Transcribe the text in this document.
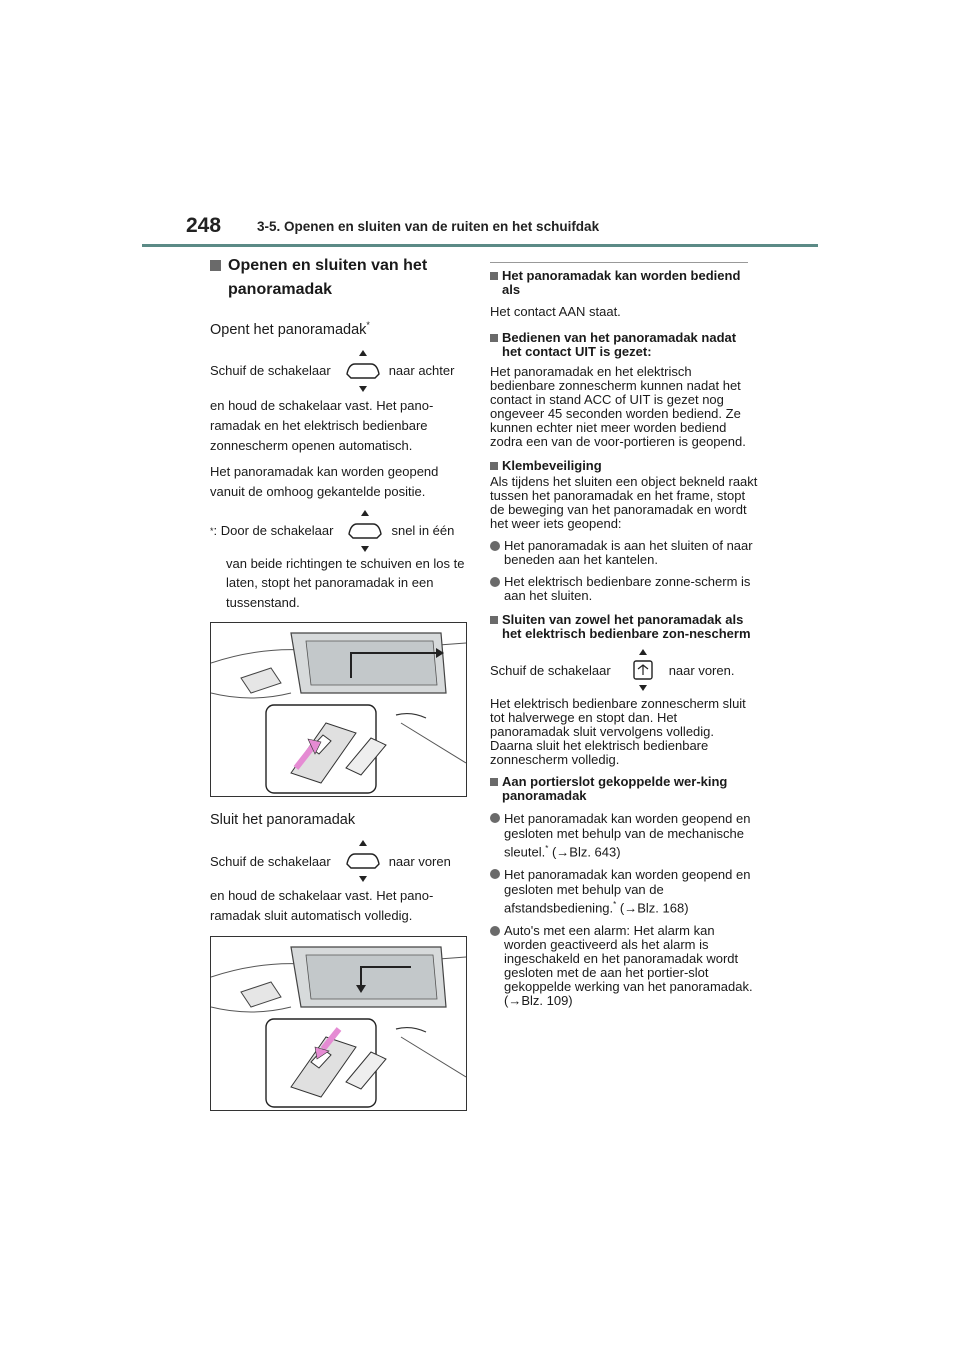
248	3-5. Openen en sluiten van de ruiten en het schuifdak
Openen en sluiten van het panoramadak
Opent het panoramadak*
Schuif de schakelaar	naar achter

en houd de schakelaar vast. Het pano-ramadak en het elektrisch bedienbare zonnescherm openen automatisch.

Het panoramadak kan worden geopend vanuit de omhoog gekantelde positie.

* : Door de schakelaar	snel in één

van beide richtingen te schuiven en los te laten, stopt het panoramadak in een tussenstand.

Sluit het panoramadak
Schuif de schakelaar	naar voren

en houd de schakelaar vast. Het pano-ramadak sluit automatisch volledig.

Het panoramadak kan worden bediend als

Het contact AAN staat.

Bedienen van het panoramadak nadat het contact UIT is gezet:

Het panoramadak en het elektrisch bedienbare zonnescherm kunnen nadat het contact in stand ACC of UIT is gezet nog ongeveer 45 seconden worden bediend. Ze kunnen echter niet meer worden bediend zodra een van de voor-portieren is geopend.

Klembeveiliging

Als tijdens het sluiten een object bekneld raakt tussen het panoramadak en het frame, stopt de beweging van het panoramadak en wordt het weer iets geopend:

Het panoramadak is aan het sluiten of naar beneden aan het kantelen.
Het elektrisch bedienbare zonne-scherm is aan het sluiten.
Sluiten van zowel het panoramadak als het elektrisch bedienbare zon-nescherm
Schuif de schakelaar	naar voren.

Het elektrisch bedienbare zonnescherm sluit tot halverwege en stopt dan. Het panoramadak sluit vervolgens volledig. Daarna sluit het elektrisch bedienbare zonnescherm volledig.

Aan portierslot gekoppelde wer-king panoramadak
Het panoramadak kan worden geopend en gesloten met behulp van de mechanische sleutel.* (→Blz. 643)
Het panoramadak kan worden geopend en gesloten met behulp van de afstandsbediening.* (→Blz. 168)
Auto's met een alarm: Het alarm kan worden geactiveerd als het alarm is ingeschakeld en het panoramadak wordt gesloten met de aan het portier-slot gekoppelde werking van het panoramadak. (→Blz. 109)
